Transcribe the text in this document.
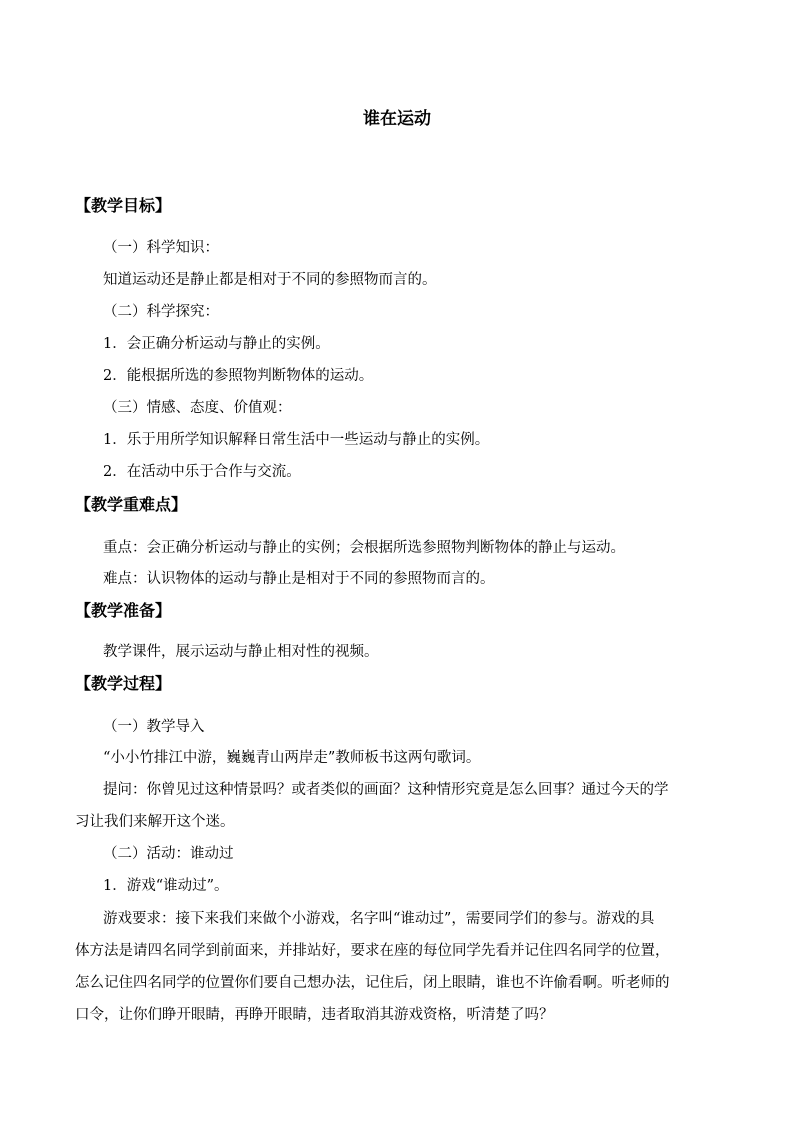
谁在运动
【教学目标】
（一）科学知识：
知道运动还是静止都是相对于不同的参照物而言的。
（二）科学探究：
1．会正确分析运动与静止的实例。
2．能根据所选的参照物判断物体的运动。
（三）情感、态度、价值观：
1．乐于用所学知识解释日常生活中一些运动与静止的实例。
2．在活动中乐于合作与交流。
【教学重难点】
重点：会正确分析运动与静止的实例；会根据所选参照物判断物体的静止与运动。
难点：认识物体的运动与静止是相对于不同的参照物而言的。
【教学准备】
教学课件，展示运动与静止相对性的视频。
【教学过程】
（一）教学导入
“小小竹排江中游，巍巍青山两岸走”教师板书这两句歌词。
提问：你曾见过这种情景吗？或者类似的画面？这种情形究竟是怎么回事？通过今天的学
习让我们来解开这个迷。
（二）活动：谁动过
1．游戏“谁动过”。
游戏要求：接下来我们来做个小游戏，名字叫“谁动过”，需要同学们的参与。游戏的具
体方法是请四名同学到前面来，并排站好，要求在座的每位同学先看并记住四名同学的位置，
怎么记住四名同学的位置你们要自己想办法，记住后，闭上眼睛，谁也不许偷看啊。听老师的
口令，让你们睁开眼睛，再睁开眼睛，违者取消其游戏资格，听清楚了吗？
